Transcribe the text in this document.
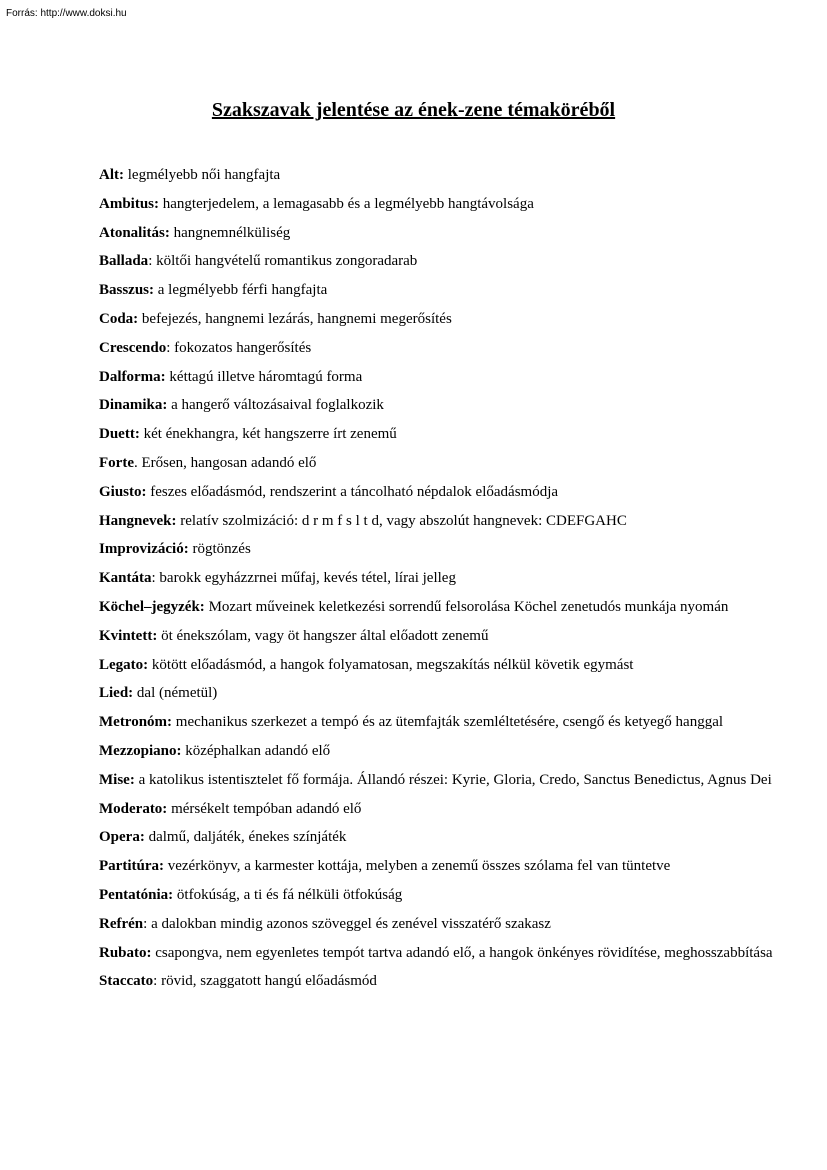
Forrás: http://www.doksi.hu
Szakszavak jelentése az ének-zene témaköréből

Alt: legmélyebb női hangfajta

Ambitus: hangterjedelem, a lemagasabb és a legmélyebb hangtávolsága

Atonalitás: hangnemnélküliség

Ballada: költői hangvételű romantikus zongoradarab

Basszus: a legmélyebb férfi hangfajta

Coda: befejezés, hangnemi lezárás, hangnemi megerősítés

Crescendo: fokozatos hangerősítés

Dalforma: kéttagú illetve háromtagú forma

Dinamika: a hangerő változásaival foglalkozik

Duett: két énekhangra, két hangszerre írt zenemű

Forte. Erősen, hangosan adandó elő

Giusto: feszes előadásmód, rendszerint a táncolható népdalok előadásmódja

Hangnevek: relatív szolmizáció: d r m f s l t d, vagy abszolút hangnevek: CDEFGAHC

Improvizáció: rögtönzés

Kantáta: barokk egyházzrnei műfaj, kevés tétel, lírai jelleg

Köchel–jegyzék: Mozart műveinek keletkezési sorrendű felsorolása Köchel zenetudós munkája nyomán

Kvintett: öt énekszólam, vagy öt hangszer által előadott zenemű

Legato: kötött előadásmód, a hangok folyamatosan, megszakítás nélkül követik egymást

Lied: dal (németül)

Metronóm: mechanikus szerkezet a tempó és az ütemfajták szemléltetésére, csengő és ketyegő hanggal

Mezzopiano: középhalkan adandó elő

Mise: a katolikus istentisztelet fő formája. Állandó részei: Kyrie, Gloria, Credo, Sanctus Benedictus, Agnus Dei

Moderato: mérsékelt tempóban adandó elő

Opera: dalmű, daljáték, énekes színjáték

Partitúra: vezérkönyv, a karmester kottája, melyben a zenemű összes szólama fel van tüntetve

Pentatónia: ötfokúság, a ti és fá nélküli ötfokúság

Refrén: a dalokban mindig azonos szöveggel és zenével visszatérő szakasz

Rubato: csapongva, nem egyenletes tempót tartva adandó elő, a hangok önkényes rövidítése, meghosszabbítása

Staccato: rövid, szaggatott hangú előadásmód
